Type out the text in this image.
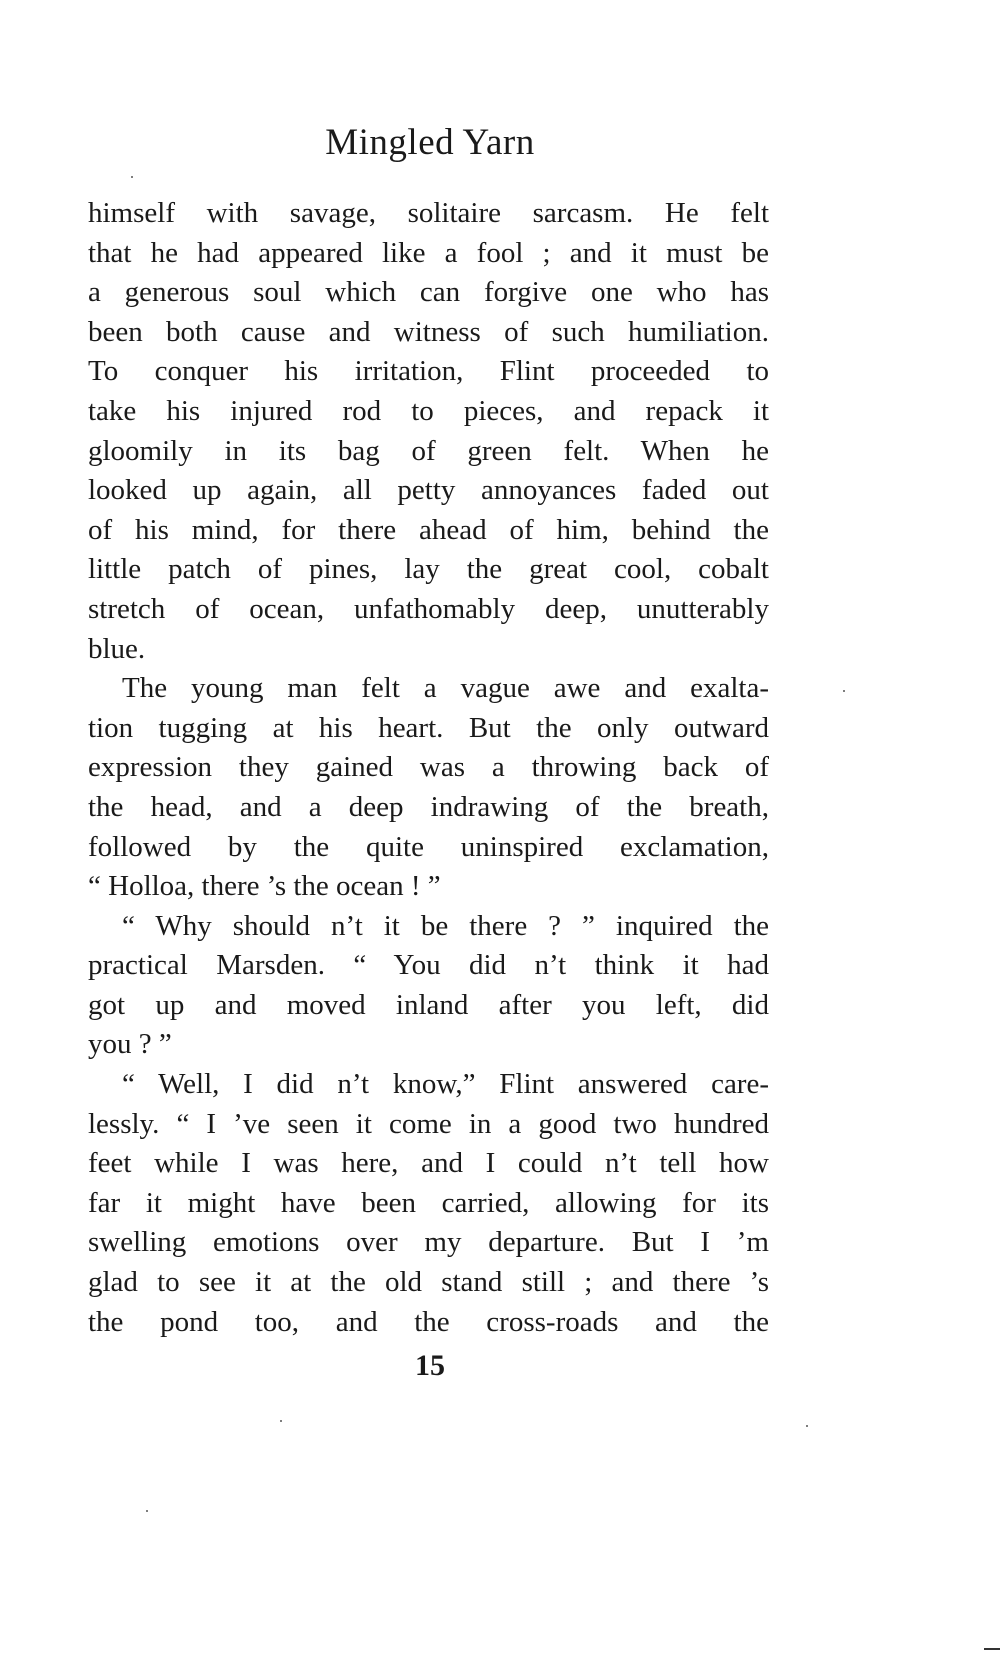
Mingled Yarn
himself with savage, solitaire sarcasm. He felt
that he had appeared like a fool ; and it must be
a generous soul which can forgive one who has
been both cause and witness of such humiliation.
To conquer his irritation, Flint proceeded to
take his injured rod to pieces, and repack it
gloomily in its bag of green felt. When he
looked up again, all petty annoyances faded out
of his mind, for there ahead of him, behind the
little patch of pines, lay the great cool, cobalt
stretch of ocean, unfathomably deep, unutterably
blue.
The young man felt a vague awe and exalta-
tion tugging at his heart. But the only outward
expression they gained was a throwing back of
the head, and a deep indrawing of the breath,
followed by the quite uninspired exclamation,
“ Holloa, there ’s the ocean ! ”
“ Why should n’t it be there ? ” inquired the
practical Marsden. “ You did n’t think it had
got up and moved inland after you left, did
you ? ”
“ Well, I did n’t know,” Flint answered care-
lessly. “ I ’ve seen it come in a good two hundred
feet while I was here, and I could n’t tell how
far it might have been carried, allowing for its
swelling emotions over my departure. But I ’m
glad to see it at the old stand still ; and there ’s
the pond too, and the cross-roads and the
15
